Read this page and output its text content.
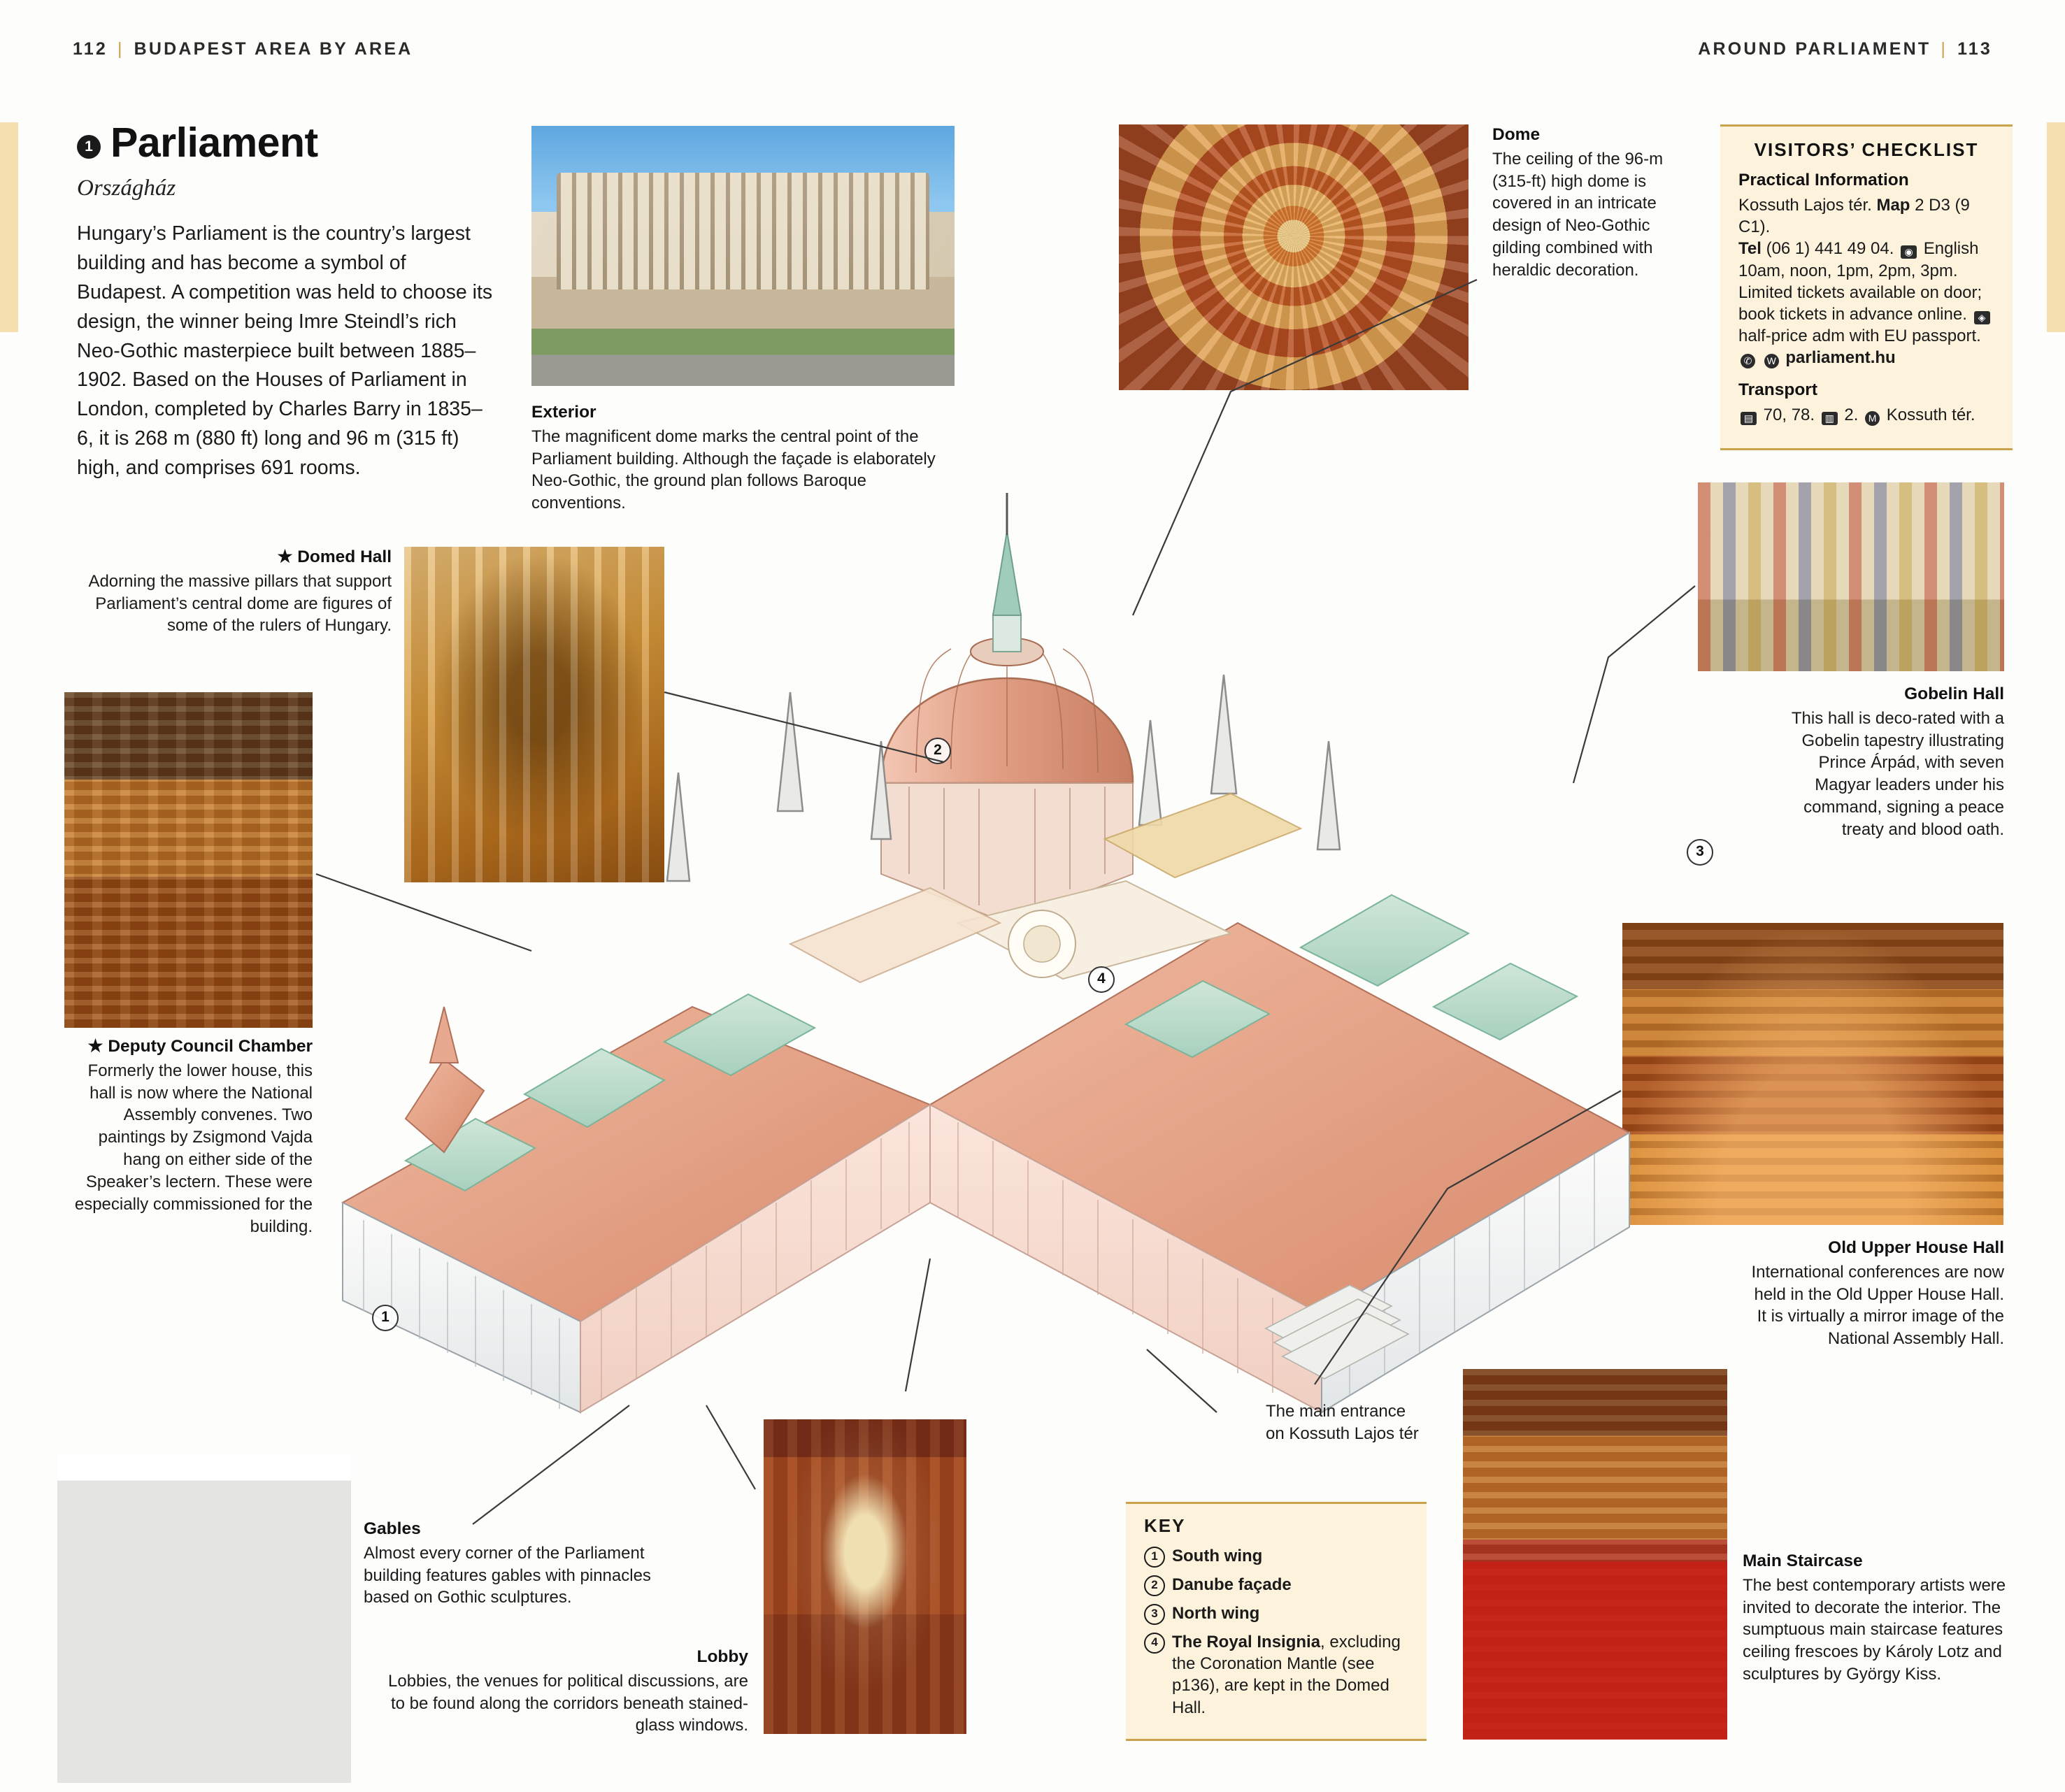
112 | BUDAPEST AREA BY AREA	AROUND PARLIAMENT | 113
1 Parliament
Országház
Hungary’s Parliament is the country’s largest building and has become a symbol of Budapest. A competition was held to choose its design, the winner being Imre Steindl’s rich Neo-Gothic masterpiece built between 1885–1902. Based on the Houses of Parliament in London, completed by Charles Barry in 1835–6, it is 268 m (880 ft) long and 96 m (315 ft) high, and comprises 691 rooms.
1
2
3
4
Exterior
The magnificent dome marks the central point of the Parliament building. Although the façade is elaborately Neo-Gothic, the ground plan follows Baroque conventions.
Dome
The ceiling of the 96-m (315-ft) high dome is covered in an intricate design of Neo-Gothic gilding combined with heraldic decoration.
★ Domed Hall
Adorning the massive pillars that support Parliament’s central dome are figures of some of the rulers of Hungary.
★ Deputy Council Chamber
Formerly the lower house, this hall is now where the National Assembly convenes. Two paintings by Zsigmond Vajda hang on either side of the Speaker’s lectern. These were especially commissioned for the building.
Gobelin Hall
This hall is deco-rated with a Gobelin tapestry illustrating Prince Árpád, with seven Magyar leaders under his command, signing a peace treaty and blood oath.
Old Upper House Hall
International conferences are now held in the Old Upper House Hall. It is virtually a mirror image of the National Assembly Hall.
Main Staircase
The best contemporary artists were invited to decorate the interior. The sumptuous main staircase features ceiling frescoes by Károly Lotz and sculptures by György Kiss.
Gables
Almost every corner of the Parliament building features gables with pinnacles based on Gothic sculptures.
Lobby
Lobbies, the venues for political discussions, are to be found along the corridors beneath stained-glass windows.
The main entrance on Kossuth Lajos tér
VISITORS’ CHECKLIST
Practical Information

Kossuth Lajos tér. Map 2 D3 (9 C1).
Tel (06 1) 441 49 04. ◉ English 10am, noon, 1pm, 2pm, 3pm. Limited tickets available on door; book tickets in advance online. ◈ half-price adm with EU passport. ✆ W parliament.hu

Transport

▤ 70, 78. ▥ 2. M Kossuth tér.

KEY
1 South wing
2 Danube façade
3 North wing
4 The Royal Insignia, excluding the Coronation Mantle (see p136), are kept in the Domed Hall.
